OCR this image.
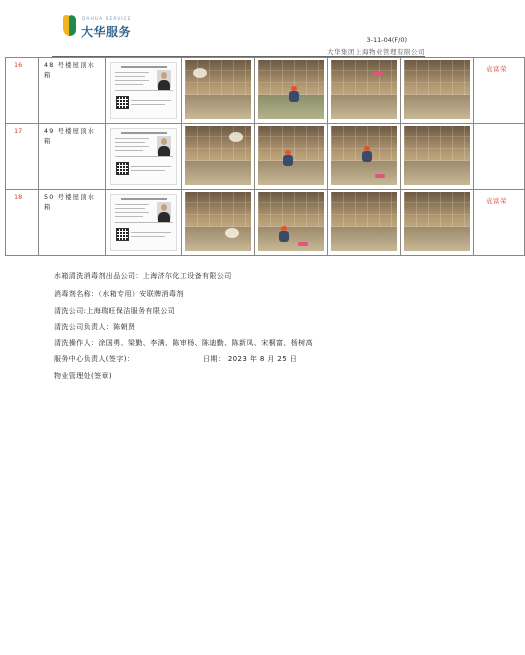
DAHUA SERVICE
大华服务
3-11-04(F/0)
大华集团上海物业管理有限公司
16	48 号楼屋顶水箱						袁富荣

17	49 号楼屋顶水箱						

18	50 号楼屋顶水箱						袁富荣
水箱清洗消毒剂出品公司：上海济尔化工设备有限公司
消毒剂名称：（水箱专用）安联牌消毒剂
清洗公司:上海瑞旺保洁服务有限公司
清洗公司负责人：陈朝贤
清洗操作人：涂国勇、梁勤、李满、陈审杨、陈迪勤、陈新凤、宋桐富、杨树高
服务中心负责人(签字)：	日期： 2023 年 8 月 25 日
物业管理处(签章)
